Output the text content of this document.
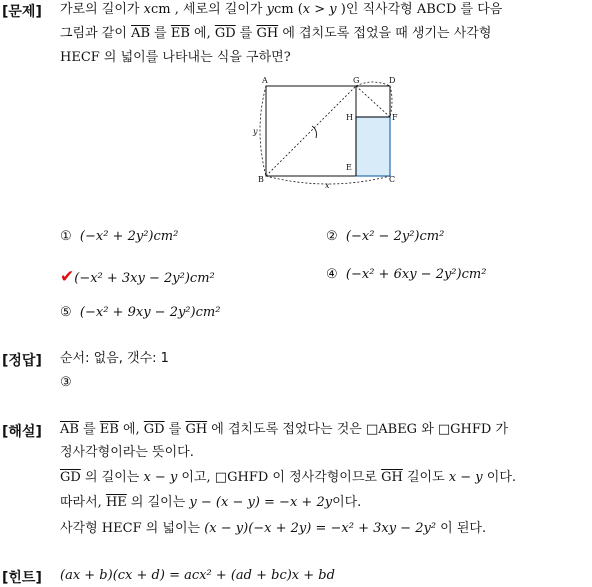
[문제] 가로의 길이가 xcm , 세로의 길이가 ycm (x > y )인 직사각형 ABCD 를 다음
그림과 같이 $\overline{AB}$ 를 $\overline{EB}$ 에, $\overline{GD}$ 를 $\overline{GH}$ 에 겹치도록 접었을 때 생기는 사각형
HECF 의 넓이를 나타내는 식을 구하면?
A	G	D
H	F
E
B	C
y
x
① (−x² + 2y²)cm²	② (−x² − 2y²)cm²
✔(−x² + 3xy − 2y²)cm²	④ (−x² + 6xy − 2y²)cm²
⑤ (−x² + 9xy − 2y²)cm²
[정답] 순서: 없음, 갯수: 1
③
[해설] $\overline{AB}$ 를 $\overline{EB}$ 에, $\overline{GD}$ 를 $\overline{GH}$ 에 겹치도록 접었다는 것은 □ABEG 와 □GHFD 가
정사각형이라는 뜻이다.
$\overline{GD}$ 의 길이는 x − y 이고, □GHFD 이 정사각형이므로 $\overline{GH}$ 길이도 x − y 이다.
따라서, $\overline{HE}$ 의 길이는 y − (x − y) = −x + 2y이다.
사각형 HECF 의 넓이는 (x − y)(−x + 2y) = −x² + 3xy − 2y² 이 된다.
[힌트] (ax + b)(cx + d) = acx² + (ad + bc)x + bd
